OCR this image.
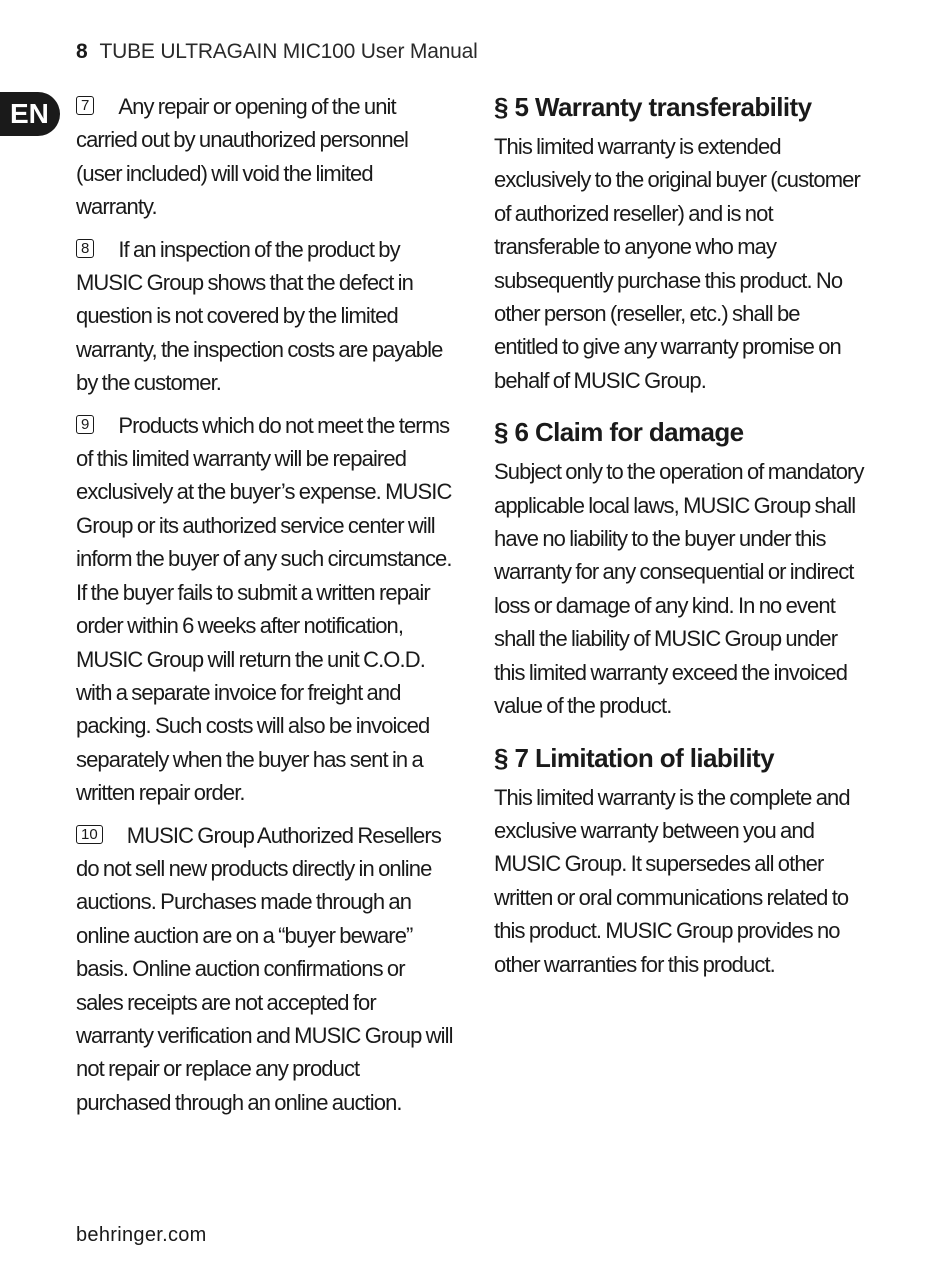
8 TUBE ULTRAGAIN MIC100 User Manual
EN	7 Any repair or opening of the unit carried out by unauthorized personnel (user included) will void the limited warranty.

8 If an inspection of the product by MUSIC Group shows that the defect in question is not covered by the limited warranty, the inspection costs are payable by the customer.

9 Products which do not meet the terms of this limited warranty will be repaired exclusively at the buyer’s expense. MUSIC Group or its authorized service center will inform the buyer of any such circumstance. If the buyer fails to submit a written repair order within 6 weeks after notification, MUSIC Group will return the unit C.O.D. with a separate invoice for freight and packing. Such costs will also be invoiced separately when the buyer has sent in a written repair order.

10 MUSIC Group Authorized Resellers do not sell new products directly in online auctions. Purchases made through an online auction are on a “buyer beware” basis. Online auction confirmations or sales receipts are not accepted for warranty verification and MUSIC Group will not repair or replace any product purchased through an online auction.

§ 5 Warranty transferability

This limited warranty is extended exclusively to the original buyer (customer of authorized reseller) and is not transferable to anyone who may subsequently purchase this product. No other person (reseller, etc.) shall be entitled to give any warranty promise on behalf of MUSIC Group.

§ 6 Claim for damage

Subject only to the operation of mandatory applicable local laws, MUSIC Group shall have no liability to the buyer under this warranty for any consequential or indirect loss or damage of any kind. In no event shall the liability of MUSIC Group under this limited warranty exceed the invoiced value of the product.

§ 7 Limitation of liability

This limited warranty is the complete and exclusive warranty between you and MUSIC Group. It supersedes all other written or oral communications related to this product. MUSIC Group provides no other warranties for this product.

behringer.com
